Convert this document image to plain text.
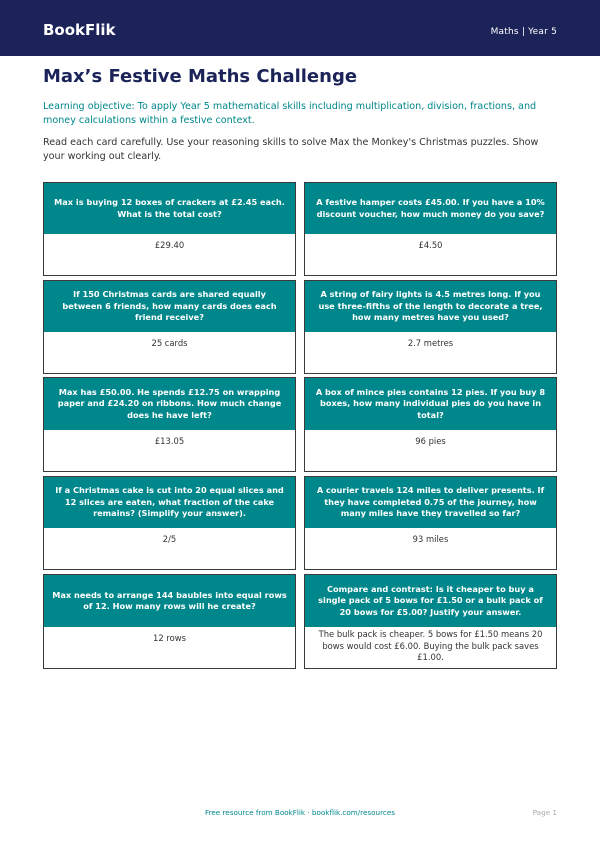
BookFlik	Maths | Year 5
Max’s Festive Maths Challenge
Learning objective: To apply Year 5 mathematical skills including multiplication, division, fractions, and money calculations within a festive context.
Read each card carefully. Use your reasoning skills to solve Max the Monkey's Christmas puzzles. Show your working out clearly.
Max is buying 12 boxes of crackers at £2.45 each. What is the total cost?
£29.40
A festive hamper costs £45.00. If you have a 10% discount voucher, how much money do you save?
£4.50
If 150 Christmas cards are shared equally between 6 friends, how many cards does each friend receive?
25 cards
A string of fairy lights is 4.5 metres long. If you use three-fifths of the length to decorate a tree, how many metres have you used?
2.7 metres
Max has £50.00. He spends £12.75 on wrapping paper and £24.20 on ribbons. How much change does he have left?
£13.05
A box of mince pies contains 12 pies. If you buy 8 boxes, how many individual pies do you have in total?
96 pies
If a Christmas cake is cut into 20 equal slices and 12 slices are eaten, what fraction of the cake remains? (Simplify your answer).
2/5
A courier travels 124 miles to deliver presents. If they have completed 0.75 of the journey, how many miles have they travelled so far?
93 miles
Max needs to arrange 144 baubles into equal rows of 12. How many rows will he create?
12 rows
Compare and contrast: Is it cheaper to buy a single pack of 5 bows for £1.50 or a bulk pack of 20 bows for £5.00? Justify your answer.
The bulk pack is cheaper. 5 bows for £1.50 means 20 bows would cost £6.00. Buying the bulk pack saves £1.00.
Free resource from BookFlik · bookflik.com/resources	Page 1
